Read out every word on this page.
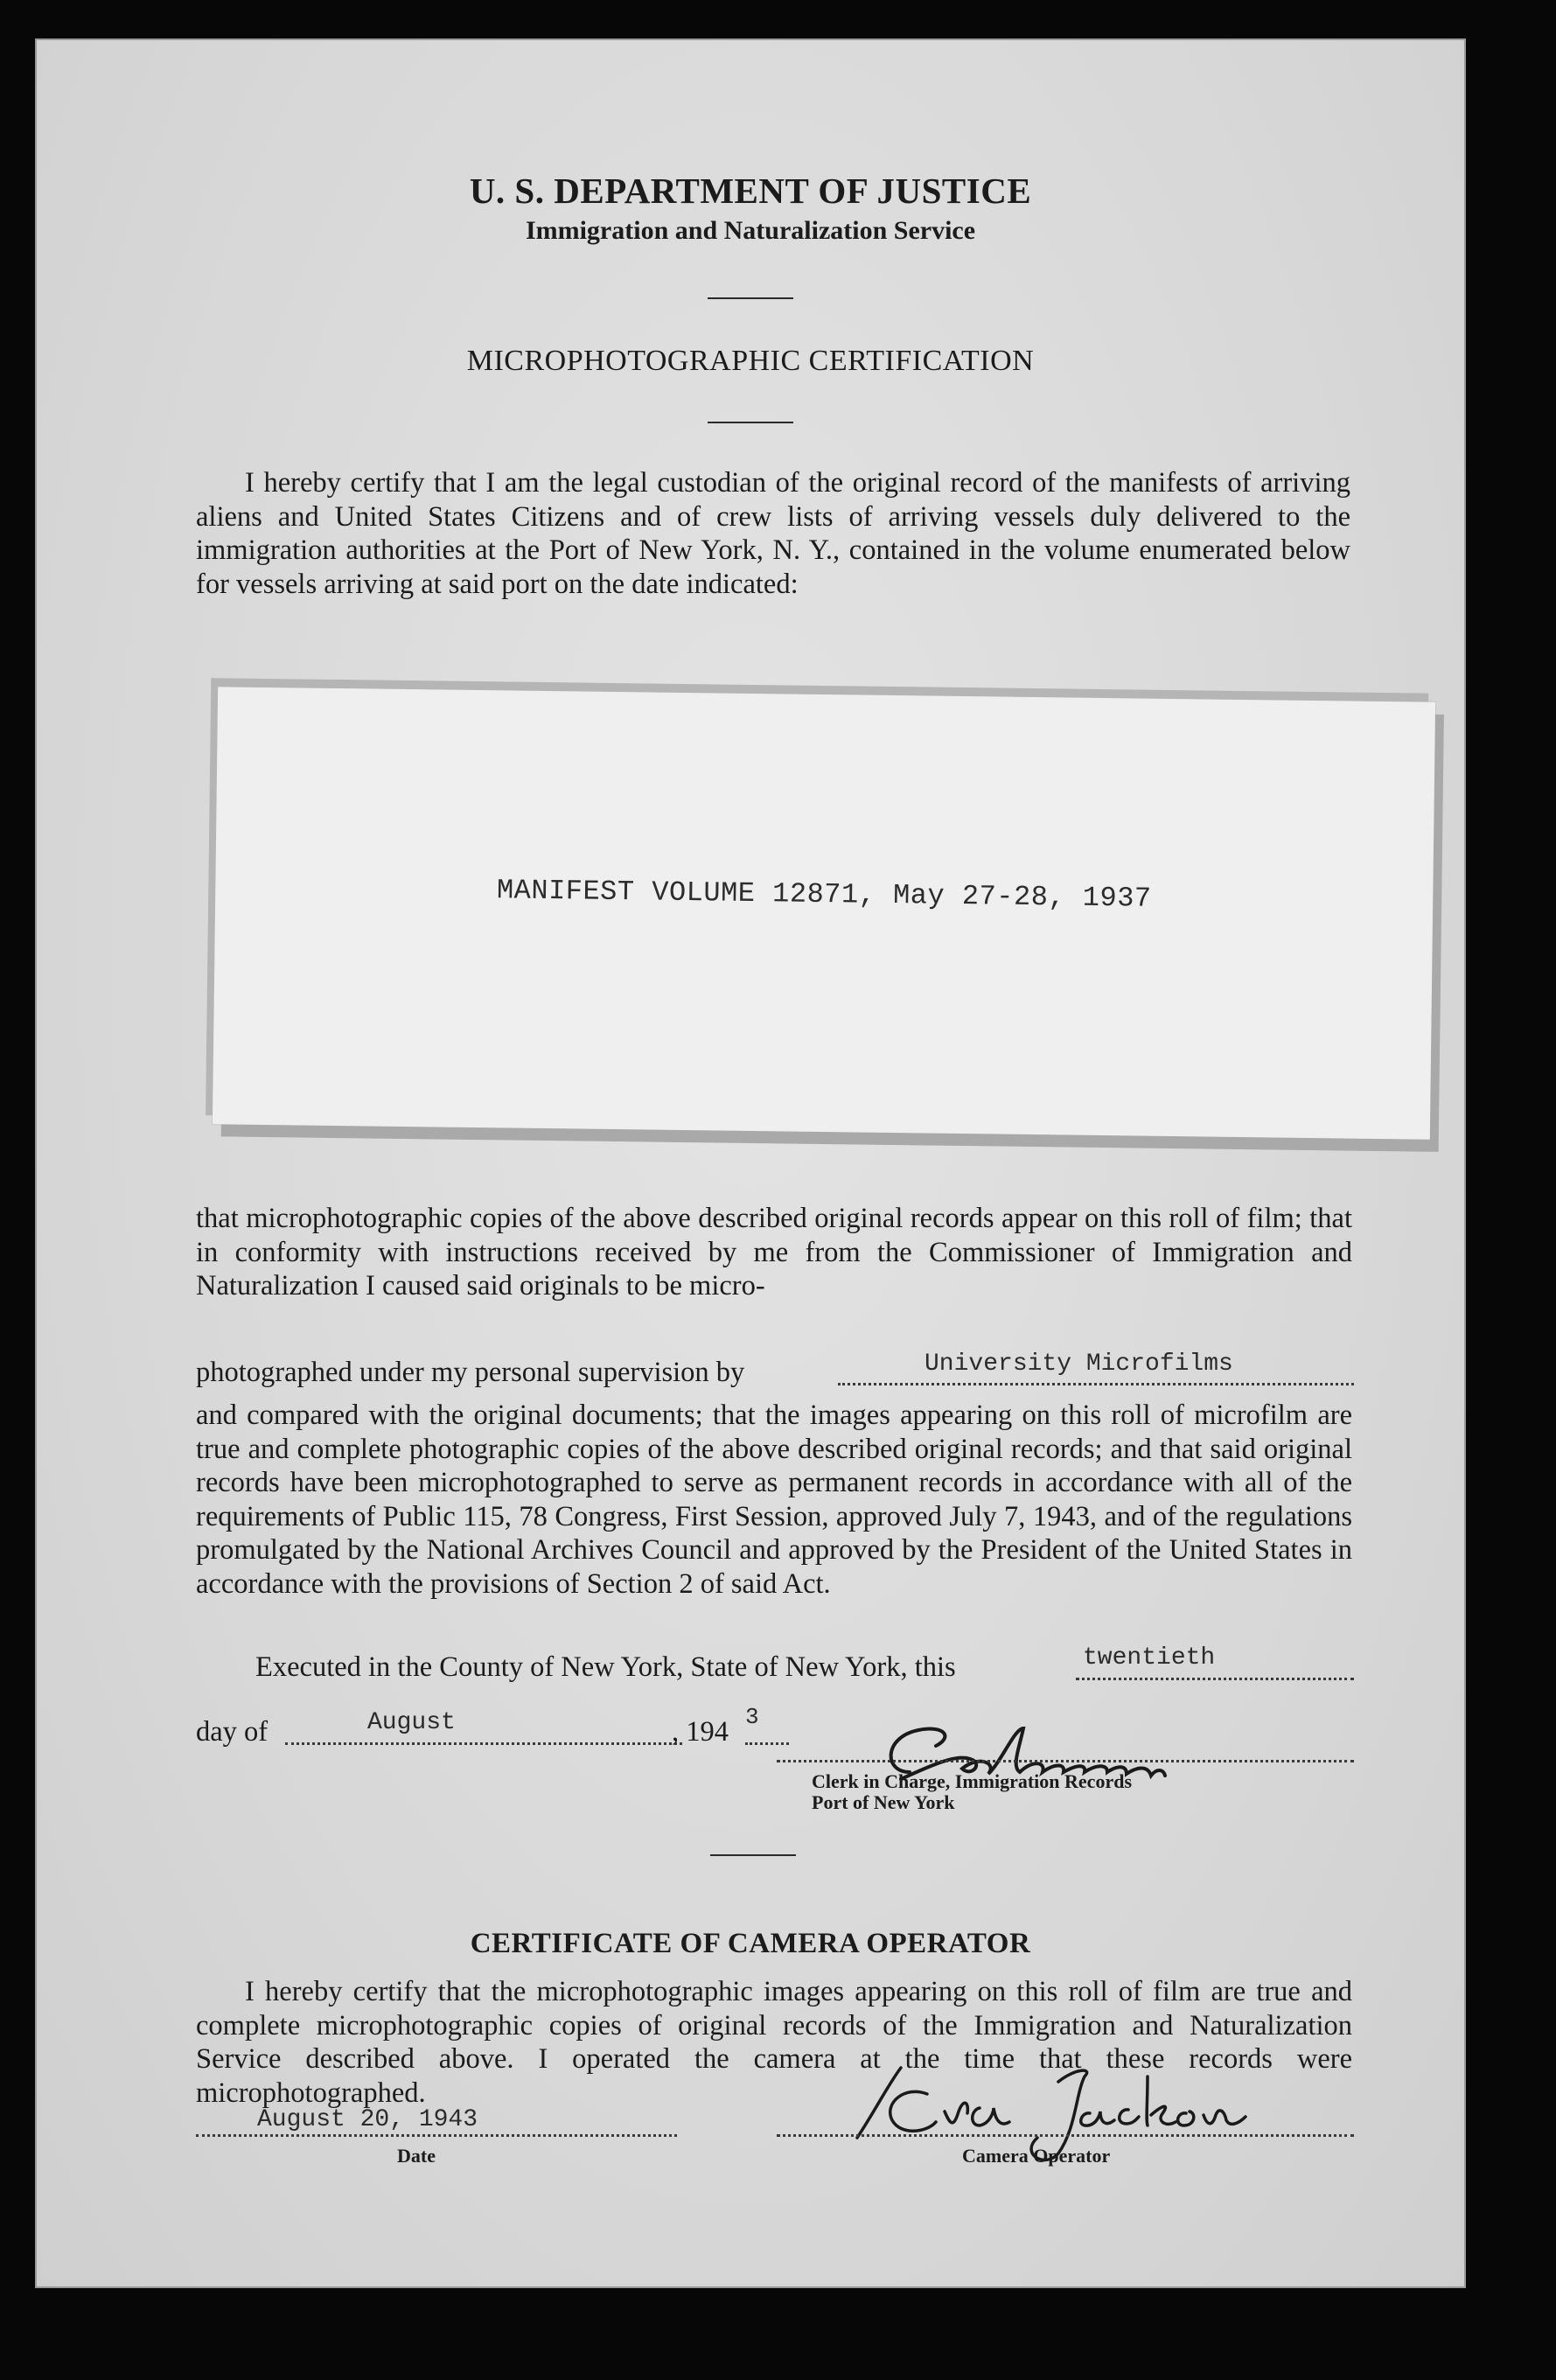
U. S. DEPARTMENT OF JUSTICE
Immigration and Naturalization Service
MICROPHOTOGRAPHIC CERTIFICATION
I hereby certify that I am the legal custodian of the original record of the manifests of arriving aliens and United States Citizens and of crew lists of arriving vessels duly delivered to the immigration authorities at the Port of New York, N. Y., contained in the volume enumerated below for vessels arriving at said port on the date indicated:
MANIFEST VOLUME 12871, May 27-28, 1937
that microphotographic copies of the above described original records appear on this roll of film; that in conformity with instructions received by me from the Commissioner of Immigration and Naturalization I caused said originals to be micro-
photographed under my personal supervision by	University Microfilms
and compared with the original documents; that the images appearing on this roll of microfilm are true and complete photographic copies of the above described original records; and that said original records have been microphotographed to serve as permanent records in accordance with all of the requirements of Public 115, 78 Congress, First Session, approved July 7, 1943, and of the regulations promulgated by the National Archives Council and approved by the President of the United States in accordance with the provisions of Section 2 of said Act.
Executed in the County of New York, State of New York, this	twentieth
day of	August	, 194 3
Clerk in Charge, Immigration Records
Port of New York
CERTIFICATE OF CAMERA OPERATOR
I hereby certify that the microphotographic images appearing on this roll of film are true and complete microphotographic copies of original records of the Immigration and Naturalization Service described above. I operated the camera at the time that these records were microphotographed.
August 20, 1943
Date	Camera Operator
